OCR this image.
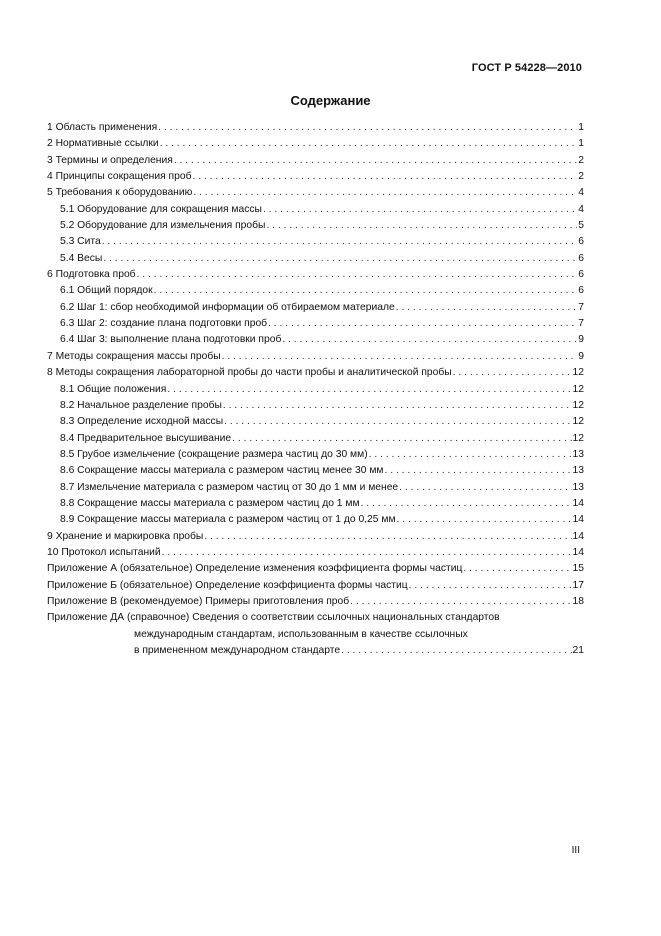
ГОСТ Р 54228—2010
Содержание
1 Область применения . . .	1
2 Нормативные ссылки . . .	1
3 Термины и определения . . .	2
4 Принципы сокращения проб . . .	2
5 Требования к оборудованию . . .	4
5.1 Оборудование для сокращения массы . . .	4
5.2 Оборудование для измельчения пробы . . .	5
5.3 Сита . . .	6
5.4 Весы . . .	6
6 Подготовка проб . . .	6
6.1 Общий порядок . . .	6
6.2 Шаг 1: сбор необходимой информации об отбираемом материале . . .	7
6.3 Шаг 2: создание плана подготовки проб . . .	7
6.4 Шаг 3: выполнение плана подготовки проб . . .	9
7 Методы сокращения массы пробы . . .	9
8 Методы сокращения лабораторной пробы до части пробы и аналитической пробы . . .	12
8.1 Общие положения . . .	12
8.2 Начальное разделение пробы . . .	12
8.3 Определение исходной массы . . .	12
8.4 Предварительное высушивание . . .	12
8.5 Грубое измельчение (сокращение размера частиц до 30 мм) . . .	13
8.6 Сокращение массы материала с размером частиц менее 30 мм . . .	13
8.7 Измельчение материала с размером частиц от 30 до 1 мм и менее . . .	13
8.8 Сокращение массы материала с размером частиц до 1 мм . . .	14
8.9 Сокращение массы материала с размером частиц от 1 до 0,25 мм . . .	14
9 Хранение и маркировка пробы . . .	14
10 Протокол испытаний . . .	14
Приложение А (обязательное) Определение изменения коэффициента формы частиц . . .	15
Приложение Б (обязательное) Определение коэффициента формы частиц . . .	17
Приложение В (рекомендуемое) Примеры приготовления проб . . .	18
Приложение ДА (справочное) Сведения о соответствии ссылочных национальных стандартов
международным стандартам, использованным в качестве ссылочных
в примененном международном стандарте . . .	21
III
